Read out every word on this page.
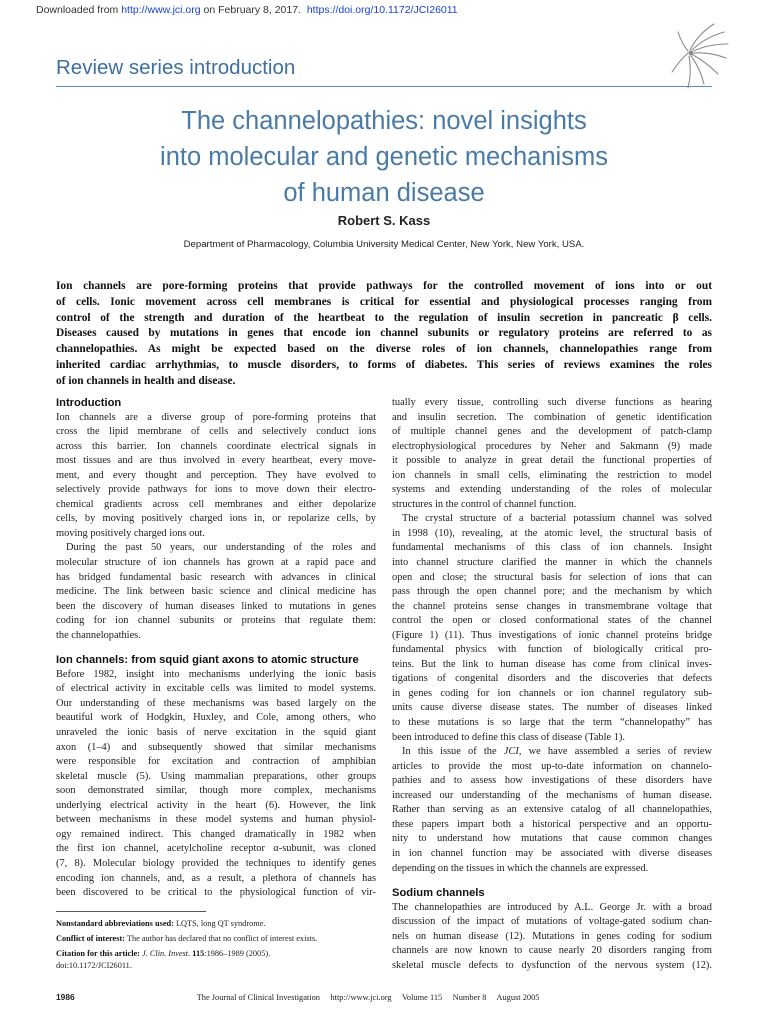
Downloaded from http://www.jci.org on February 8, 2017. https://doi.org/10.1172/JCI26011
Review series introduction
The channelopathies: novel insights
into molecular and genetic mechanisms
of human disease
Robert S. Kass
Department of Pharmacology, Columbia University Medical Center, New York, New York, USA.
Ion channels are pore-forming proteins that provide pathways for the controlled movement of ions into or out
of cells. Ionic movement across cell membranes is critical for essential and physiological processes ranging from
control of the strength and duration of the heartbeat to the regulation of insulin secretion in pancreatic β cells.
Diseases caused by mutations in genes that encode ion channel subunits or regulatory proteins are referred to as
channelopathies. As might be expected based on the diverse roles of ion channels, channelopathies range from
inherited cardiac arrhythmias, to muscle disorders, to forms of diabetes. This series of reviews examines the roles
of ion channels in health and disease.
Introduction
Ion channels are a diverse group of pore-forming proteins that
cross the lipid membrane of cells and selectively conduct ions
across this barrier. Ion channels coordinate electrical signals in
most tissues and are thus involved in every heartbeat, every move-
ment, and every thought and perception. They have evolved to
selectively provide pathways for ions to move down their electro-
chemical gradients across cell membranes and either depolarize
cells, by moving positively charged ions in, or repolarize cells, by
moving positively charged ions out.
During the past 50 years, our understanding of the roles and
molecular structure of ion channels has grown at a rapid pace and
has bridged fundamental basic research with advances in clinical
medicine. The link between basic science and clinical medicine has
been the discovery of human diseases linked to mutations in genes
coding for ion channel subunits or proteins that regulate them:
the channelopathies.
Ion channels: from squid giant axons to atomic structure
Before 1982, insight into mechanisms underlying the ionic basis
of electrical activity in excitable cells was limited to model systems.
Our understanding of these mechanisms was based largely on the
beautiful work of Hodgkin, Huxley, and Cole, among others, who
unraveled the ionic basis of nerve excitation in the squid giant
axon (1–4) and subsequently showed that similar mechanisms
were responsible for excitation and contraction of amphibian
skeletal muscle (5). Using mammalian preparations, other groups
soon demonstrated similar, though more complex, mechanisms
underlying electrical activity in the heart (6). However, the link
between mechanisms in these model systems and human physiol-
ogy remained indirect. This changed dramatically in 1982 when
the first ion channel, acetylcholine receptor α-subunit, was cloned
(7, 8). Molecular biology provided the techniques to identify genes
encoding ion channels, and, as a result, a plethora of channels has
been discovered to be critical to the physiological function of vir-
Nonstandard abbreviations used: LQTS, long QT syndrome.
Conflict of interest: The author has declared that no conflict of interest exists.
Citation for this article: J. Clin. Invest. 115:1986–1989 (2005).
doi:10.1172/JCI26011.
tually every tissue, controlling such diverse functions as hearing
and insulin secretion. The combination of genetic identification
of multiple channel genes and the development of patch-clamp
electrophysiological procedures by Neher and Sakmann (9) made
it possible to analyze in great detail the functional properties of
ion channels in small cells, eliminating the restriction to model
systems and extending understanding of the roles of molecular
structures in the control of channel function.
The crystal structure of a bacterial potassium channel was solved
in 1998 (10), revealing, at the atomic level, the structural basis of
fundamental mechanisms of this class of ion channels. Insight
into channel structure clarified the manner in which the channels
open and close; the structural basis for selection of ions that can
pass through the open channel pore; and the mechanism by which
the channel proteins sense changes in transmembrane voltage that
control the open or closed conformational states of the channel
(Figure 1) (11). Thus investigations of ionic channel proteins bridge
fundamental physics with function of biologically critical pro-
teins. But the link to human disease has come from clinical inves-
tigations of congenital disorders and the discoveries that defects
in genes coding for ion channels or ion channel regulatory sub-
units cause diverse disease states. The number of diseases linked
to these mutations is so large that the term “channelopathy” has
been introduced to define this class of disease (Table 1).
In this issue of the JCI, we have assembled a series of review
articles to provide the most up-to-date information on channelo-
pathies and to assess how investigations of these disorders have
increased our understanding of the mechanisms of human disease.
Rather than serving as an extensive catalog of all channelopathies,
these papers impart both a historical perspective and an opportu-
nity to understand how mutations that cause common changes
in ion channel function may be associated with diverse diseases
depending on the tissues in which the channels are expressed.
Sodium channels
The channelopathies are introduced by A.L. George Jr. with a broad
discussion of the impact of mutations of voltage-gated sodium chan-
nels on human disease (12). Mutations in genes coding for sodium
channels are now known to cause nearly 20 disorders ranging from
skeletal muscle defects to dysfunction of the nervous system (12).
1986	The Journal of Clinical Investigation http://www.jci.org Volume 115 Number 8 August 2005
